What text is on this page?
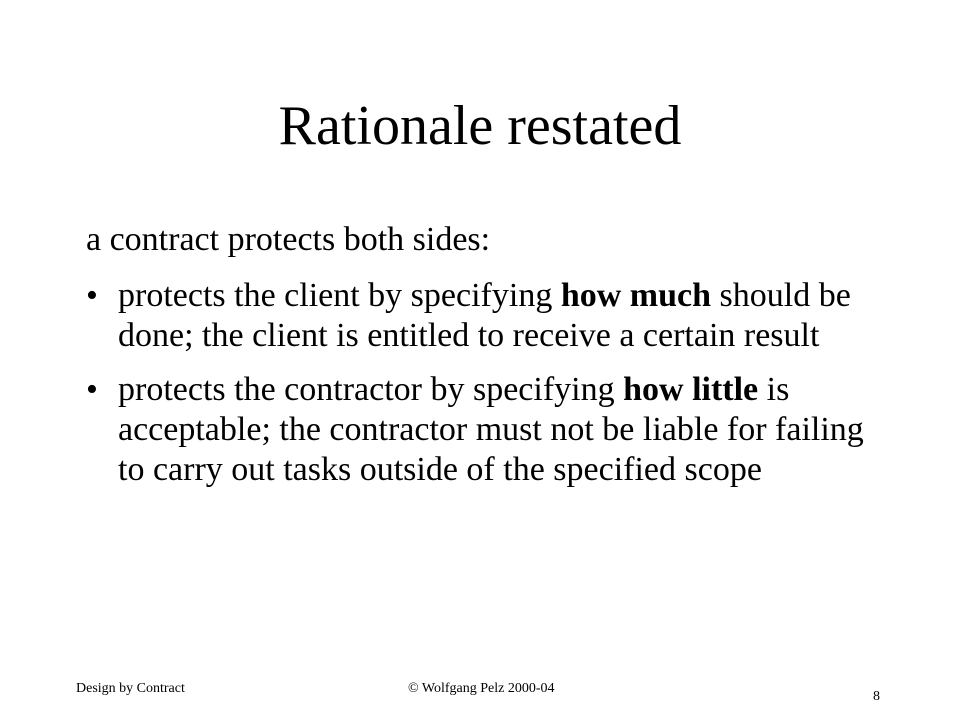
Rationale restated

a contract protects both sides:

• protects the client by specifying how much should be done; the client is entitled to receive a certain result
• protects the contractor by specifying how little is acceptable; the contractor must not be liable for failing to carry out tasks outside of the specified scope
Design by Contract	© Wolfgang Pelz 2000-04
8
